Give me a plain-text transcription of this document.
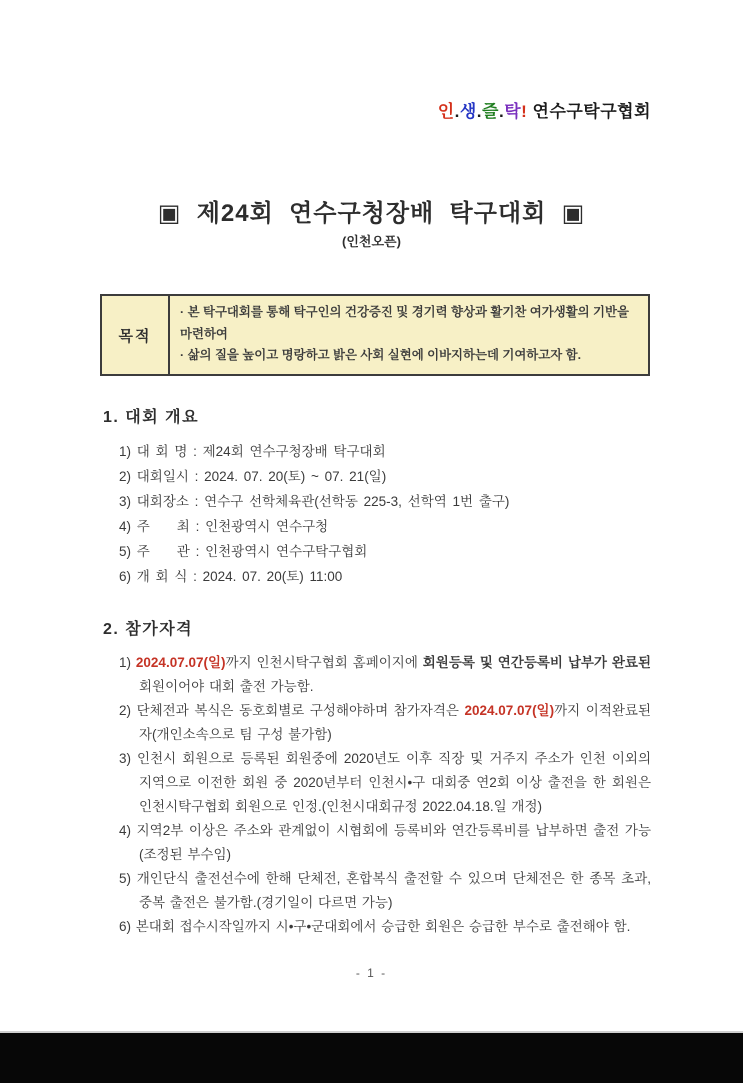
인.생.즐.탁! 연수구탁구협회

▣  제24회  연수구청장배  탁구대회  ▣
(인천오픈)
목적
· 본 탁구대회를 통해 탁구인의 건강증진 및 경기력 향상과 활기찬 여가생활의 기반을 마련하여
· 삶의 질을 높이고 명랑하고 밝은 사회 실현에 이바지하는데 기여하고자 함.
1. 대회 개요
1) 대 회 명 : 제24회 연수구청장배 탁구대회
2) 대회일시 : 2024. 07. 20(토) ~ 07. 21(일)
3) 대회장소 : 연수구 선학체육관(선학동 225-3, 선학역 1번 출구)
4) 주　　최 : 인천광역시 연수구청
5) 주　　관 : 인천광역시 연수구탁구협회
6) 개 회 식 : 2024. 07. 20(토) 11:00
2. 참가자격
1) 2024.07.07(일)까지 인천시탁구협회 홈페이지에 회원등록 및 연간등록비 납부가 완료된 회원이어야 대회 출전 가능함.
2) 단체전과 복식은 동호회별로 구성해야하며 참가자격은 2024.07.07(일)까지 이적완료된 자(개인소속으로 팀 구성 불가함)
3) 인천시 회원으로 등록된 회원중에 2020년도 이후 직장 및 거주지 주소가 인천 이외의 지역으로 이전한 회원 중 2020년부터 인천시•구 대회중 연2회 이상 출전을 한 회원은 인천시탁구협회 회원으로 인정.(인천시대회규정 2022.04.18.일 개정)
4) 지역2부 이상은 주소와 관계없이 시협회에 등록비와 연간등록비를 납부하면 출전 가능(조정된 부수임)
5) 개인단식 출전선수에 한해 단체전, 혼합복식 출전할 수 있으며 단체전은 한 종목 초과, 중복 출전은 불가함.(경기일이 다르면 가능)
6) 본대회 접수시작일까지 시•구•군대회에서 승급한 회원은 승급한 부수로 출전해야 함.
- 1 -
